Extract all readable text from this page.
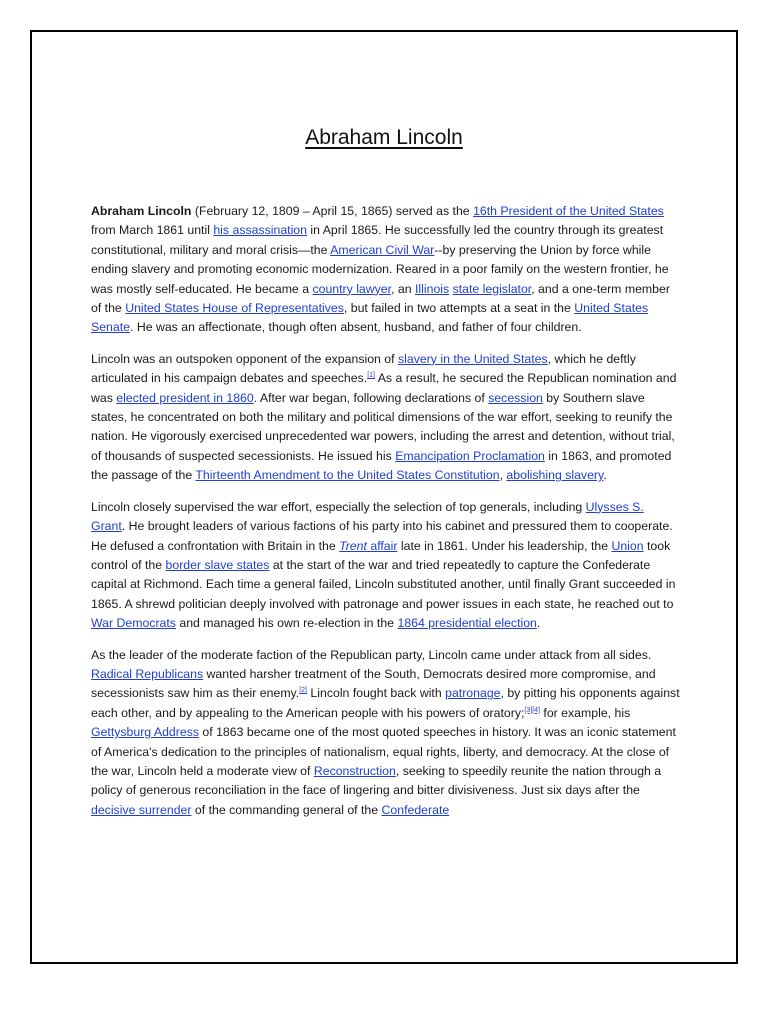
Abraham Lincoln

Abraham Lincoln (February 12, 1809 – April 15, 1865) served as the 16th President of the United States from March 1861 until his assassination in April 1865. He successfully led the country through its greatest constitutional, military and moral crisis—the American Civil War--by preserving the Union by force while ending slavery and promoting economic modernization. Reared in a poor family on the western frontier, he was mostly self-educated. He became a country lawyer, an Illinois state legislator, and a one-term member of the United States House of Representatives, but failed in two attempts at a seat in the United States Senate. He was an affectionate, though often absent, husband, and father of four children.

Lincoln was an outspoken opponent of the expansion of slavery in the United States, which he deftly articulated in his campaign debates and speeches.[1] As a result, he secured the Republican nomination and was elected president in 1860. After war began, following declarations of secession by Southern slave states, he concentrated on both the military and political dimensions of the war effort, seeking to reunify the nation. He vigorously exercised unprecedented war powers, including the arrest and detention, without trial, of thousands of suspected secessionists. He issued his Emancipation Proclamation in 1863, and promoted the passage of the Thirteenth Amendment to the United States Constitution, abolishing slavery.

Lincoln closely supervised the war effort, especially the selection of top generals, including Ulysses S. Grant. He brought leaders of various factions of his party into his cabinet and pressured them to cooperate. He defused a confrontation with Britain in the Trent affair late in 1861. Under his leadership, the Union took control of the border slave states at the start of the war and tried repeatedly to capture the Confederate capital at Richmond. Each time a general failed, Lincoln substituted another, until finally Grant succeeded in 1865. A shrewd politician deeply involved with patronage and power issues in each state, he reached out to War Democrats and managed his own re-election in the 1864 presidential election.

As the leader of the moderate faction of the Republican party, Lincoln came under attack from all sides. Radical Republicans wanted harsher treatment of the South, Democrats desired more compromise, and secessionists saw him as their enemy.[2] Lincoln fought back with patronage, by pitting his opponents against each other, and by appealing to the American people with his powers of oratory;[3][4] for example, his Gettysburg Address of 1863 became one of the most quoted speeches in history. It was an iconic statement of America's dedication to the principles of nationalism, equal rights, liberty, and democracy. At the close of the war, Lincoln held a moderate view of Reconstruction, seeking to speedily reunite the nation through a policy of generous reconciliation in the face of lingering and bitter divisiveness. Just six days after the decisive surrender of the commanding general of the Confederate
